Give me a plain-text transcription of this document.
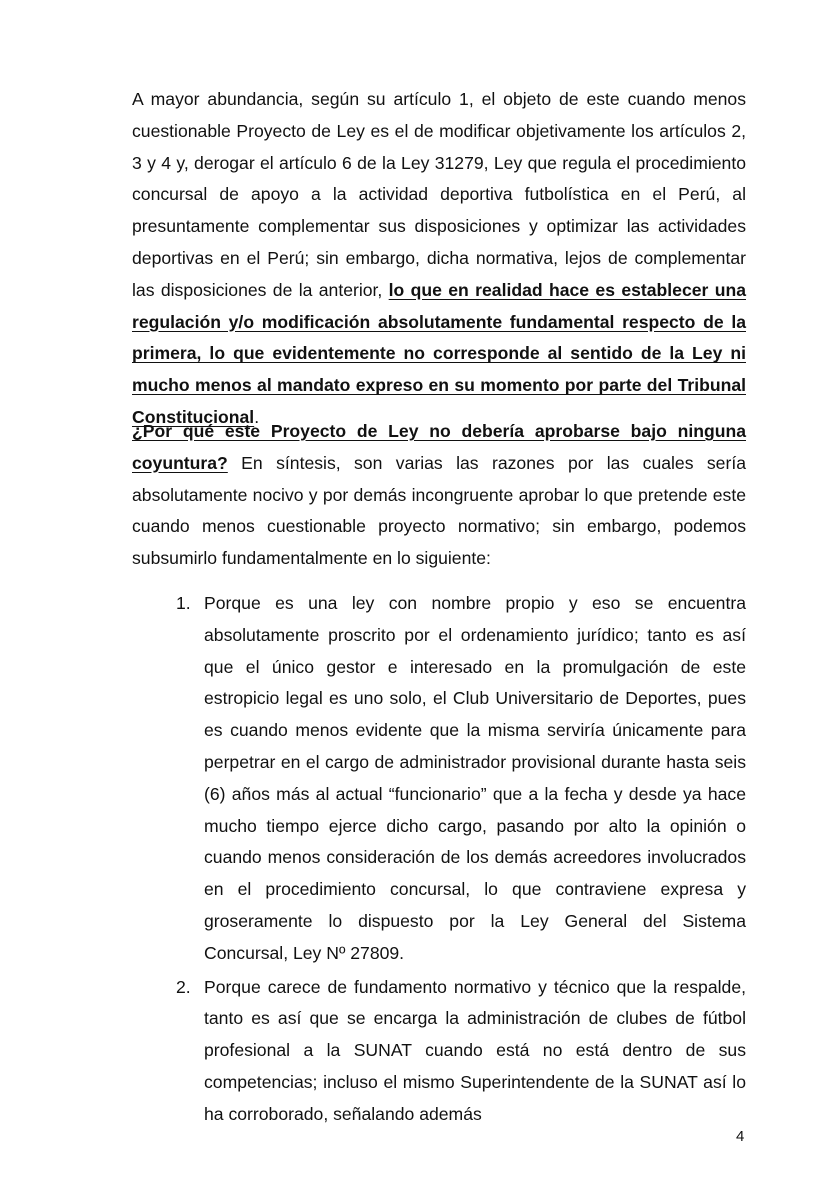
A mayor abundancia, según su artículo 1, el objeto de este cuando menos cuestionable Proyecto de Ley es el de modificar objetivamente los artículos 2, 3 y 4 y, derogar el artículo 6 de la Ley 31279, Ley que regula el procedimiento concursal de apoyo a la actividad deportiva futbolística en el Perú, al presuntamente complementar sus disposiciones y optimizar las actividades deportivas en el Perú; sin embargo, dicha normativa, lejos de complementar las disposiciones de la anterior, lo que en realidad hace es establecer una regulación y/o modificación absolutamente fundamental respecto de la primera, lo que evidentemente no corresponde al sentido de la Ley ni mucho menos al mandato expreso en su momento por parte del Tribunal Constitucional.

¿Por qué este Proyecto de Ley no debería aprobarse bajo ninguna coyuntura? En síntesis, son varias las razones por las cuales sería absolutamente nocivo y por demás incongruente aprobar lo que pretende este cuando menos cuestionable proyecto normativo; sin embargo, podemos subsumirlo fundamentalmente en lo siguiente:

1. Porque es una ley con nombre propio y eso se encuentra absolutamente proscrito por el ordenamiento jurídico; tanto es así que el único gestor e interesado en la promulgación de este estropicio legal es uno solo, el Club Universitario de Deportes, pues es cuando menos evidente que la misma serviría únicamente para perpetrar en el cargo de administrador provisional durante hasta seis (6) años más al actual “funcionario” que a la fecha y desde ya hace mucho tiempo ejerce dicho cargo, pasando por alto la opinión o cuando menos consideración de los demás acreedores involucrados en el procedimiento concursal, lo que contraviene expresa y groseramente lo dispuesto por la Ley General del Sistema Concursal, Ley Nº 27809.
2. Porque carece de fundamento normativo y técnico que la respalde, tanto es así que se encarga la administración de clubes de fútbol profesional a la SUNAT cuando está no está dentro de sus competencias; incluso el mismo Superintendente de la SUNAT así lo ha corroborado, señalando además
4
